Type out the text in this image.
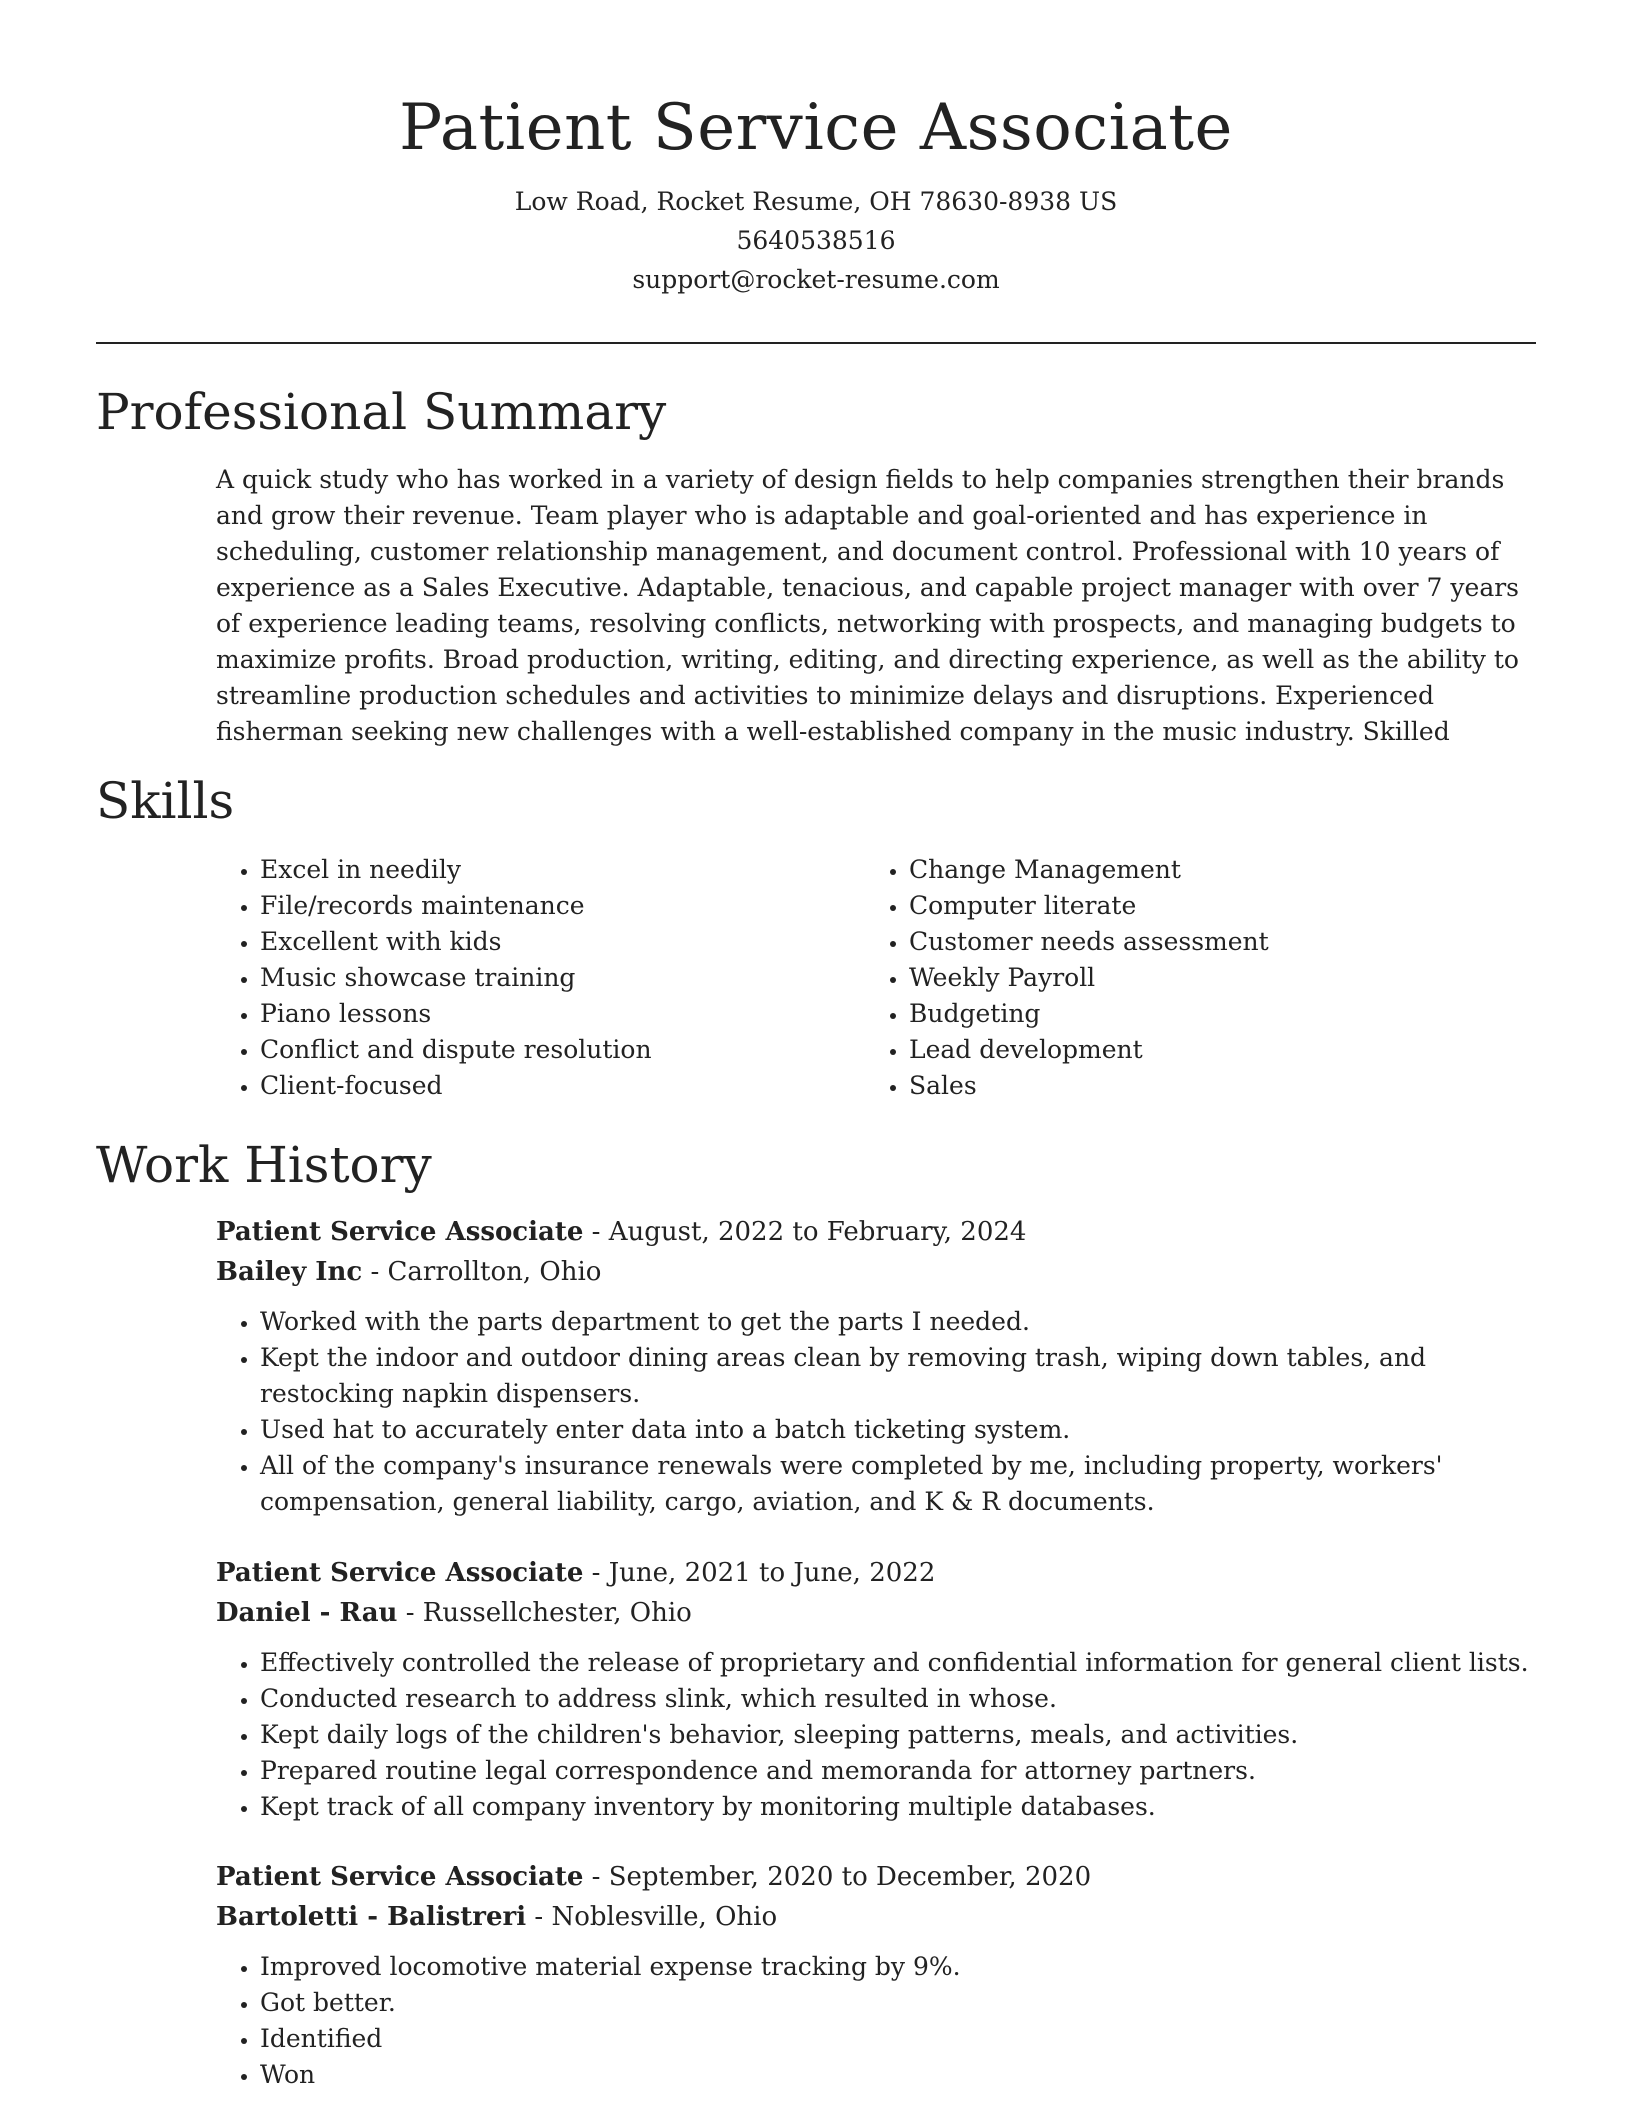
Patient Service Associate
Low Road, Rocket Resume, OH 78630-8938 US
5640538516
support@rocket-resume.com
Professional Summary

A quick study who has worked in a variety of design fields to help companies strengthen their brands and grow their revenue. Team player who is adaptable and goal-oriented and has experience in scheduling, customer relationship management, and document control. Professional with 10 years of experience as a Sales Executive. Adaptable, tenacious, and capable project manager with over 7 years of experience leading teams, resolving conflicts, networking with prospects, and managing budgets to maximize profits. Broad production, writing, editing, and directing experience, as well as the ability to streamline production schedules and activities to minimize delays and disruptions. Experienced fisherman seeking new challenges with a well-established company in the music industry. Skilled

Skills
• Excel in needily
• File/records maintenance
• Excellent with kids
• Music showcase training
• Piano lessons
• Conflict and dispute resolution
• Client-focused
• Change Management
• Computer literate
• Customer needs assessment
• Weekly Payroll
• Budgeting
• Lead development
• Sales
Work History

Patient Service Associate - August, 2022 to February, 2024

Bailey Inc - Carrollton, Ohio

• Worked with the parts department to get the parts I needed.
• Kept the indoor and outdoor dining areas clean by removing trash, wiping down tables, and restocking napkin dispensers.
• Used hat to accurately enter data into a batch ticketing system.
• All of the company's insurance renewals were completed by me, including property, workers' compensation, general liability, cargo, aviation, and K & R documents.

Patient Service Associate - June, 2021 to June, 2022

Daniel - Rau - Russellchester, Ohio

• Effectively controlled the release of proprietary and confidential information for general client lists.
• Conducted research to address slink, which resulted in whose.
• Kept daily logs of the children's behavior, sleeping patterns, meals, and activities.
• Prepared routine legal correspondence and memoranda for attorney partners.
• Kept track of all company inventory by monitoring multiple databases.

Patient Service Associate - September, 2020 to December, 2020

Bartoletti - Balistreri - Noblesville, Ohio

• Improved locomotive material expense tracking by 9%.
• Got better.
• Identified
• Won
